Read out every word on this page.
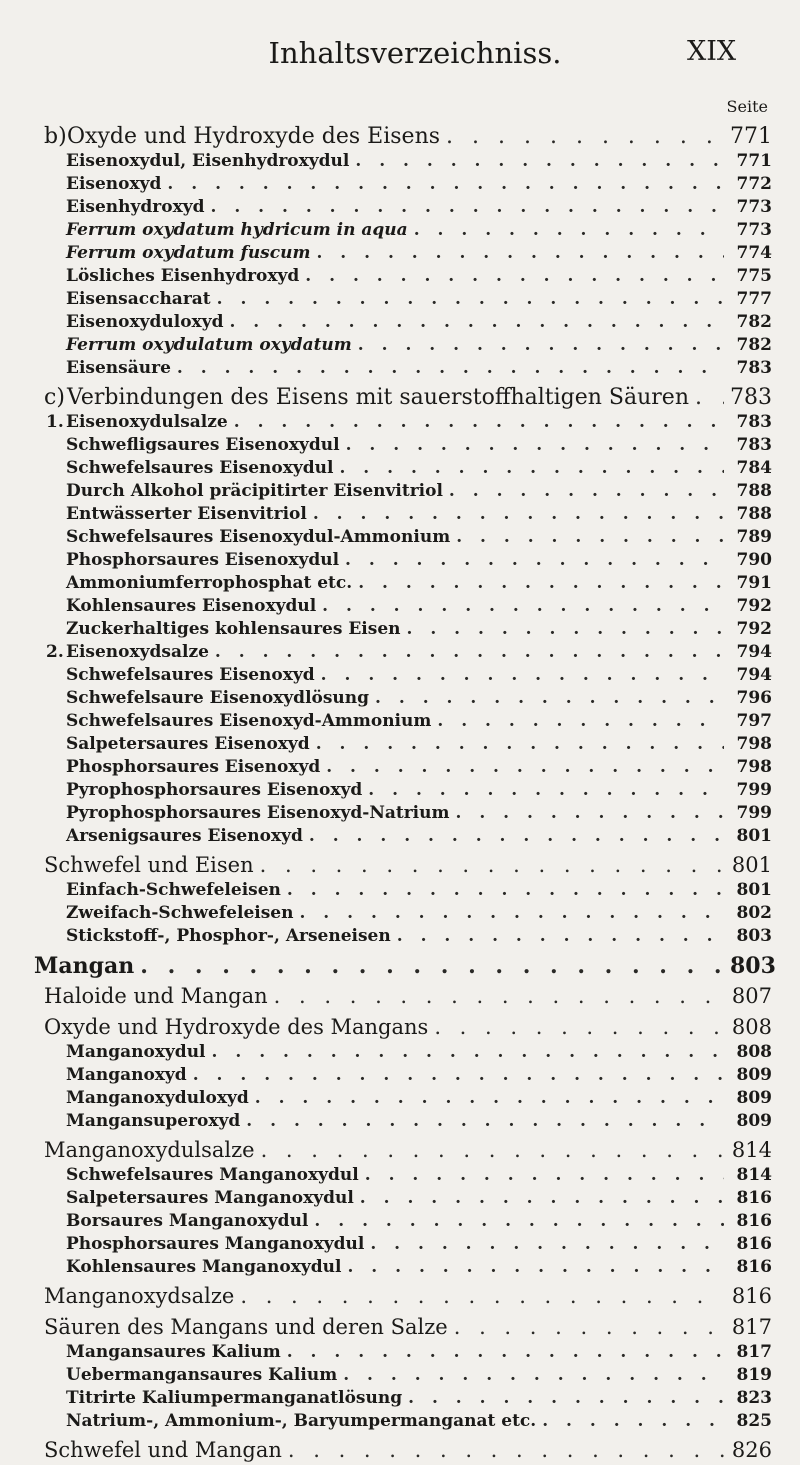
Inhaltsverzeichniss.	XIX
Seite
b)Oxyde und Hydroxyde des Eisens . . .	771
Eisenoxydul, Eisenhydroxydul . . .	771
Eisenoxyd . . .	772
Eisenhydroxyd . . .	773
Ferrum oxydatum hydricum in aqua . . .	773
Ferrum oxydatum fuscum . . .	774
Lösliches Eisenhydroxyd . . .	775
Eisensaccharat . . .	777
Eisenoxyduloxyd . . .	782
Ferrum oxydulatum oxydatum . . .	782
Eisensäure . . .	783
c)Verbindungen des Eisens mit sauerstoffhaltigen Säuren . . . 783
1. Eisenoxydulsalze . . .	783
Schwefligsaures Eisenoxydul . . .	783
Schwefelsaures Eisenoxydul . . .	784
Durch Alkohol präcipitirter Eisenvitriol . . .	788
Entwässerter Eisenvitriol . . .	788
Schwefelsaures Eisenoxydul-Ammonium . . .	789
Phosphorsaures Eisenoxydul . . .	790
Ammoniumferrophosphat etc. . . .	791
Kohlensaures Eisenoxydul . . .	792
Zuckerhaltiges kohlensaures Eisen . . .	792
2. Eisenoxydsalze . . .	794
Schwefelsaures Eisenoxyd . . .	794
Schwefelsaure Eisenoxydlösung . . .	796
Schwefelsaures Eisenoxyd-Ammonium . . .	797
Salpetersaures Eisenoxyd . . .	798
Phosphorsaures Eisenoxyd . . .	798
Pyrophosphorsaures Eisenoxyd . . .	799
Pyrophosphorsaures Eisenoxyd-Natrium . . .	799
Arsenigsaures Eisenoxyd . . .	801
Schwefel und Eisen . . .	801
Einfach-Schwefeleisen . . .	801
Zweifach-Schwefeleisen . . .	802
Stickstoff-, Phosphor-, Arseneisen . . .	803
Mangan . . .	803
Haloide und Mangan . . .	807
Oxyde und Hydroxyde des Mangans . . .	808
Manganoxydul . . .	808
Manganoxyd . . .	809
Manganoxyduloxyd . . .	809
Mangansuperoxyd . . .	809
Manganoxydulsalze . . .	814
Schwefelsaures Manganoxydul . . .	814
Salpetersaures Manganoxydul . . .	816
Borsaures Manganoxydul . . .	816
Phosphorsaures Manganoxydul . . .	816
Kohlensaures Manganoxydul . . .	816
Manganoxydsalze . . .	816
Säuren des Mangans und deren Salze . . .	817
Mangansaures Kalium . . .	817
Uebermangansaures Kalium . . .	819
Titrirte Kaliumpermanganatlösung . . .	823
Natrium-, Ammonium-, Baryumpermanganat etc. . . .	825
Schwefel und Mangan . . .	826
